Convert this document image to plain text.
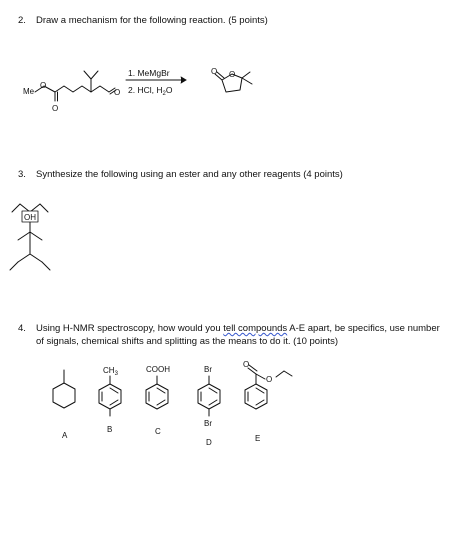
2. Draw a mechanism for the following reaction. (5 points)
3. Synthesize the following using an ester and any other reagents (4 points)
4. Using H-NMR spectroscopy, how would you tell compounds A-E apart, be specifics, use number
of signals, chemical shifts and splitting as the means to do it. (10 points)
Me
O
O
O
1. MeMgBr
2. HCl, $H_2O$
O O
OH
A
$CH_3$
B
COOH
C
Br
Br
D
O
O
E
